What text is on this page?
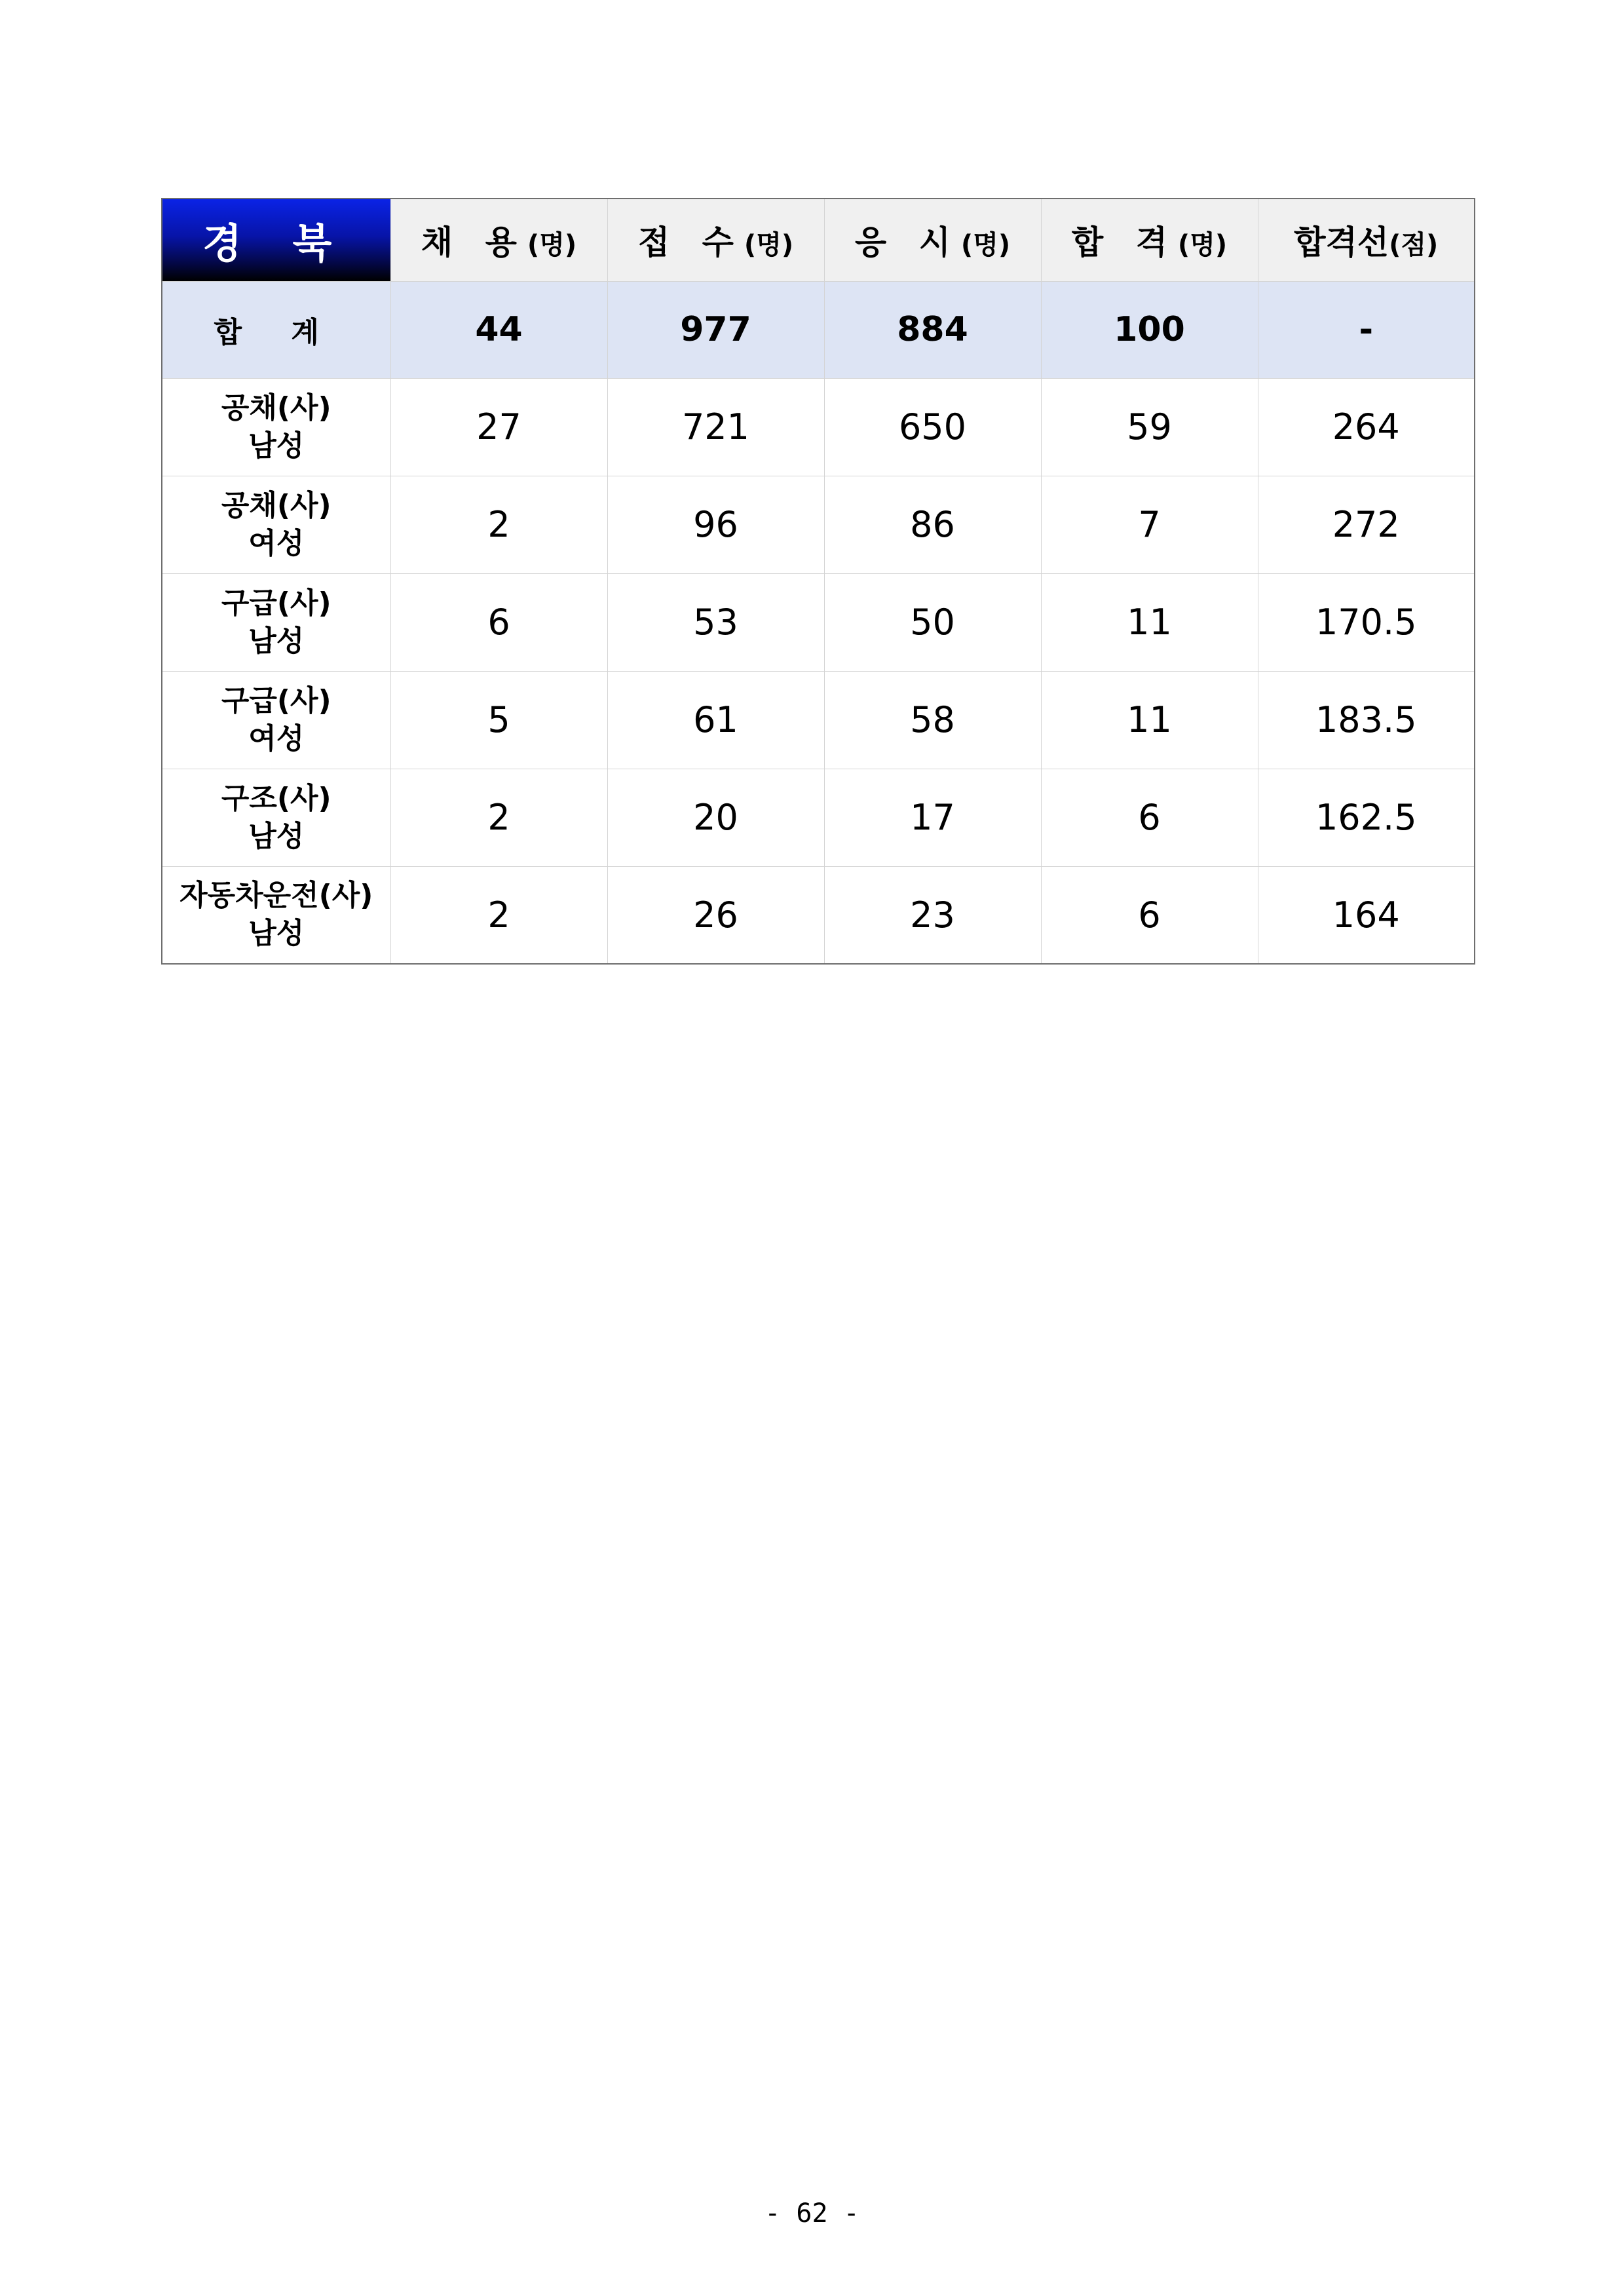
경 북	채 용(명)	접 수(명)	응 시(명)	합 격(명)	합격선(점)
합 계	44	977	884	100	-

공채(사)
남성	27	721	650	59	264

공채(사)
여성	2	96	86	7	272

구급(사)
남성	6	53	50	11	170.5

구급(사)
여성	5	61	58	11	183.5

구조(사)
남성	2	20	17	6	162.5

자동차운전(사)
남성	2	26	23	6	164
- 62 -
